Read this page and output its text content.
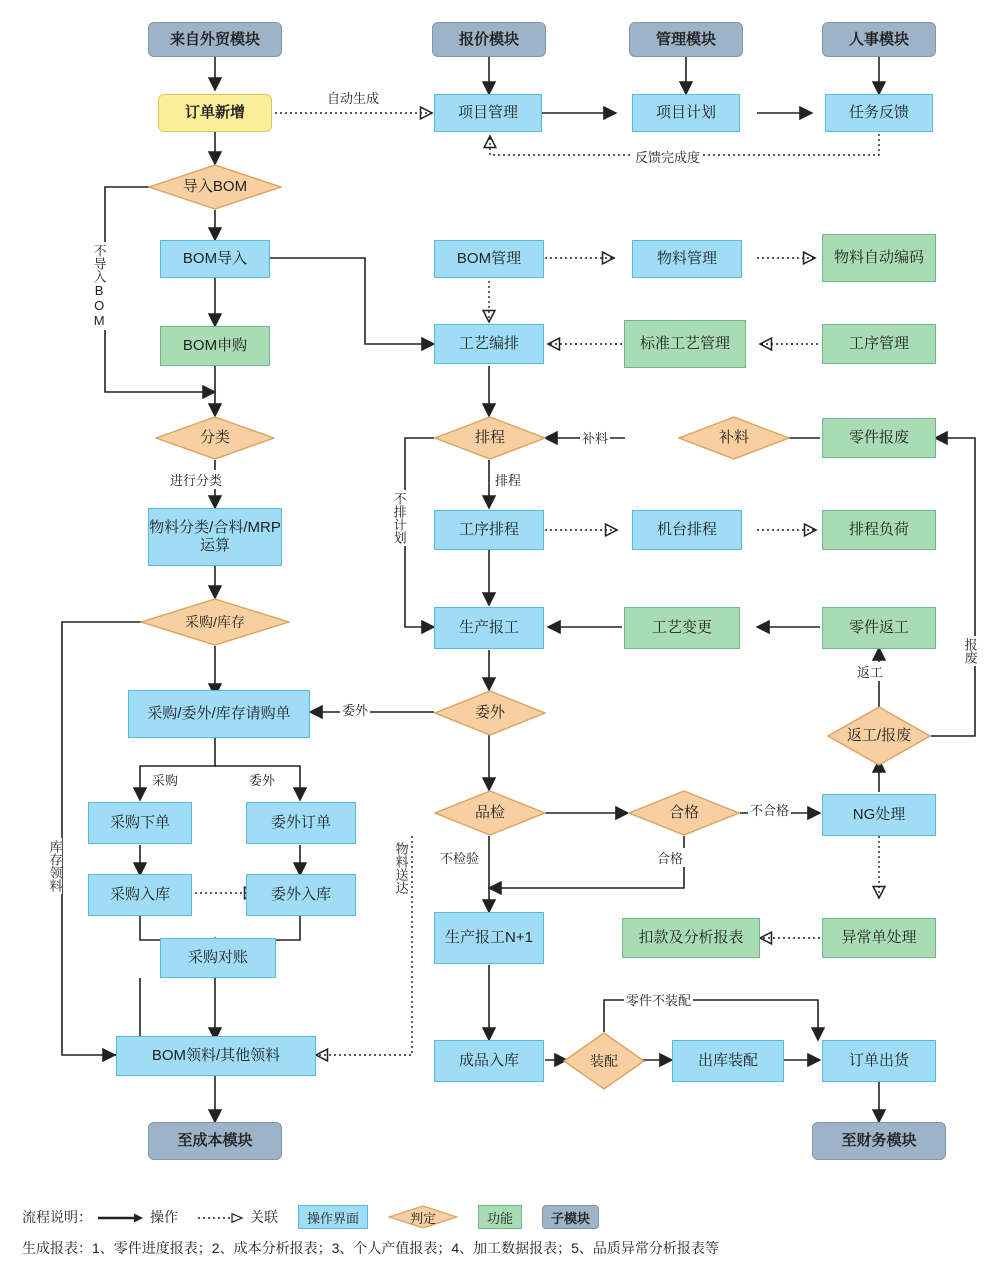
来自外贸模块	报价模块	管理模块	人事模块
订单新增	项目管理	项目计划	任务反馈
BOM导入	BOM管理	物料管理	物料自动编码
BOM申购	工艺编排	标准工艺管理	工序管理
物料分类/合料/MRP运算
零件报废
工序排程	机台排程	排程负荷
生产报工	工艺变更	零件返工
采购/委外/库存请购单
采购下单	委外订单
采购入库	委外入库
采购对账
NG处理
生产报工N+1	扣款及分析报表	异常单处理
BOM领料/其他领料	成品入库	出库装配	订单出货
至成本模块	至财务模块
导入BOM
分类
采购/库存
排程	补料
委外
品检	合格
返工/报废
装配
自动生成
反馈完成度
不导入BOM
进行分类
不排计划
排程
补料
报废
返工
委外
采购	委外
库存领料	物料送达 不检验	合格
不合格
零件不装配
流程说明：	操作	关联	操作界面	判定	功能	子模块
生成报表：1、零件进度报表；2、成本分析报表；3、个人产值报表；4、加工数据报表；5、品质异常分析报表等
